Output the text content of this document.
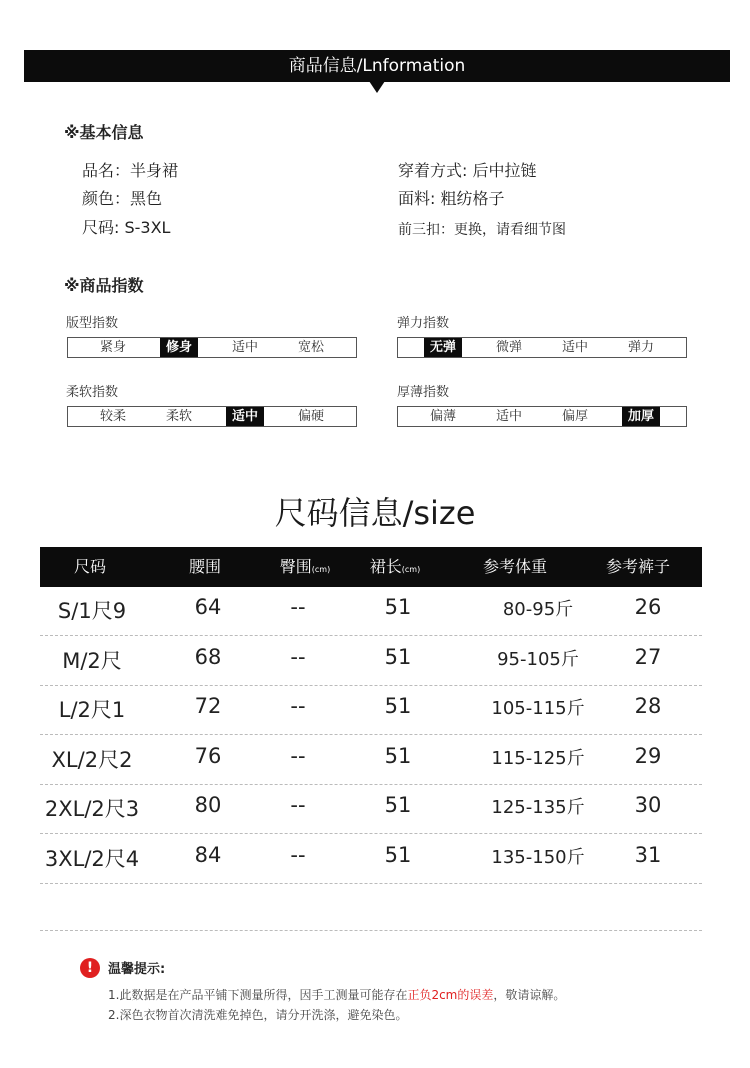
商品信息/Lnformation
※基本信息
品名：半身裙
颜色：黑色
尺码: S-3XL
穿着方式: 后中拉链
面料: 粗纺格子
前三扣：更换，请看细节图
※商品指数
版型指数
紧身	修身	适中	宽松
弹力指数
无弹	微弹	适中	弹力
柔软指数
较柔	柔软	适中	偏硬
厚薄指数
偏薄	适中	偏厚	加厚
尺码信息/size
尺码	腰围	臀围(cm)	裙长(cm)	参考体重	参考裤子
S/1尺9	64	--	51	80-95斤	26
M/2尺	68	--	51	95-105斤	27
L/2尺1	72	--	51	105-115斤	28
XL/2尺2	76	--	51	115-125斤	29
2XL/2尺3	80	--	51	125-135斤	30
3XL/2尺4	84	--	51	135-150斤	31
!	温馨提示:
1.此数据是在产品平铺下测量所得，因手工测量可能存在正负2cm的误差，敬请谅解。
2.深色衣物首次清洗难免掉色，请分开洗涤，避免染色。
